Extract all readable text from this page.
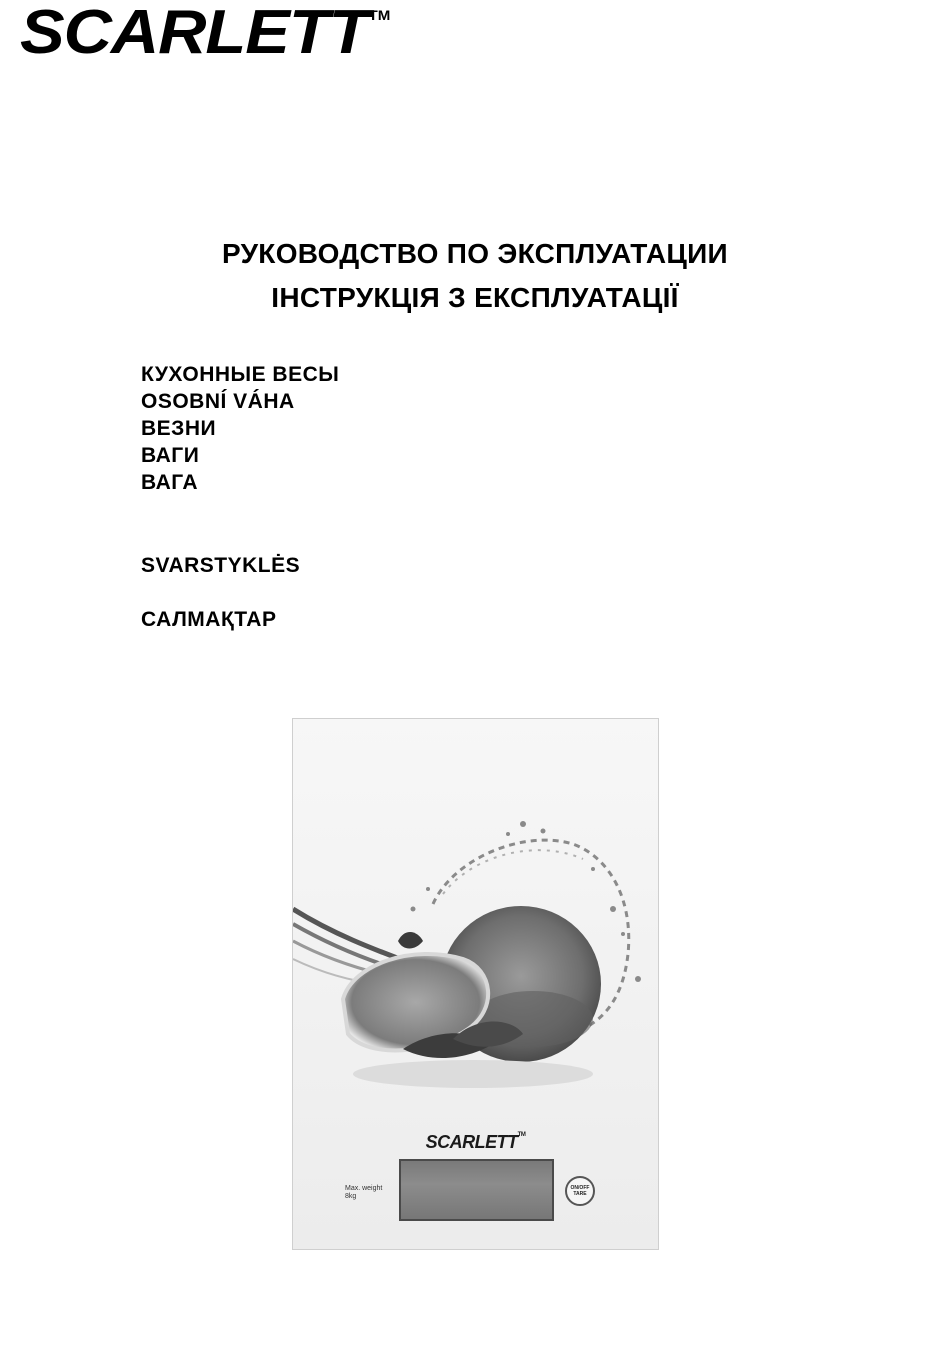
SCARLETT™
РУКОВОДСТВО ПО ЭКСПЛУАТАЦИИ
ІНСТРУКЦІЯ З ЕКСПЛУАТАЦІЇ
КУХОННЫЕ ВЕСЫ
OSOBNÍ VÁHA
ВЕЗНИ
ВАГИ
ВАГА
SVARSTYKLĖS
САЛМАҚТАР
SCARLETT™
Max. weight
8kg
ON/OFF
TARE
